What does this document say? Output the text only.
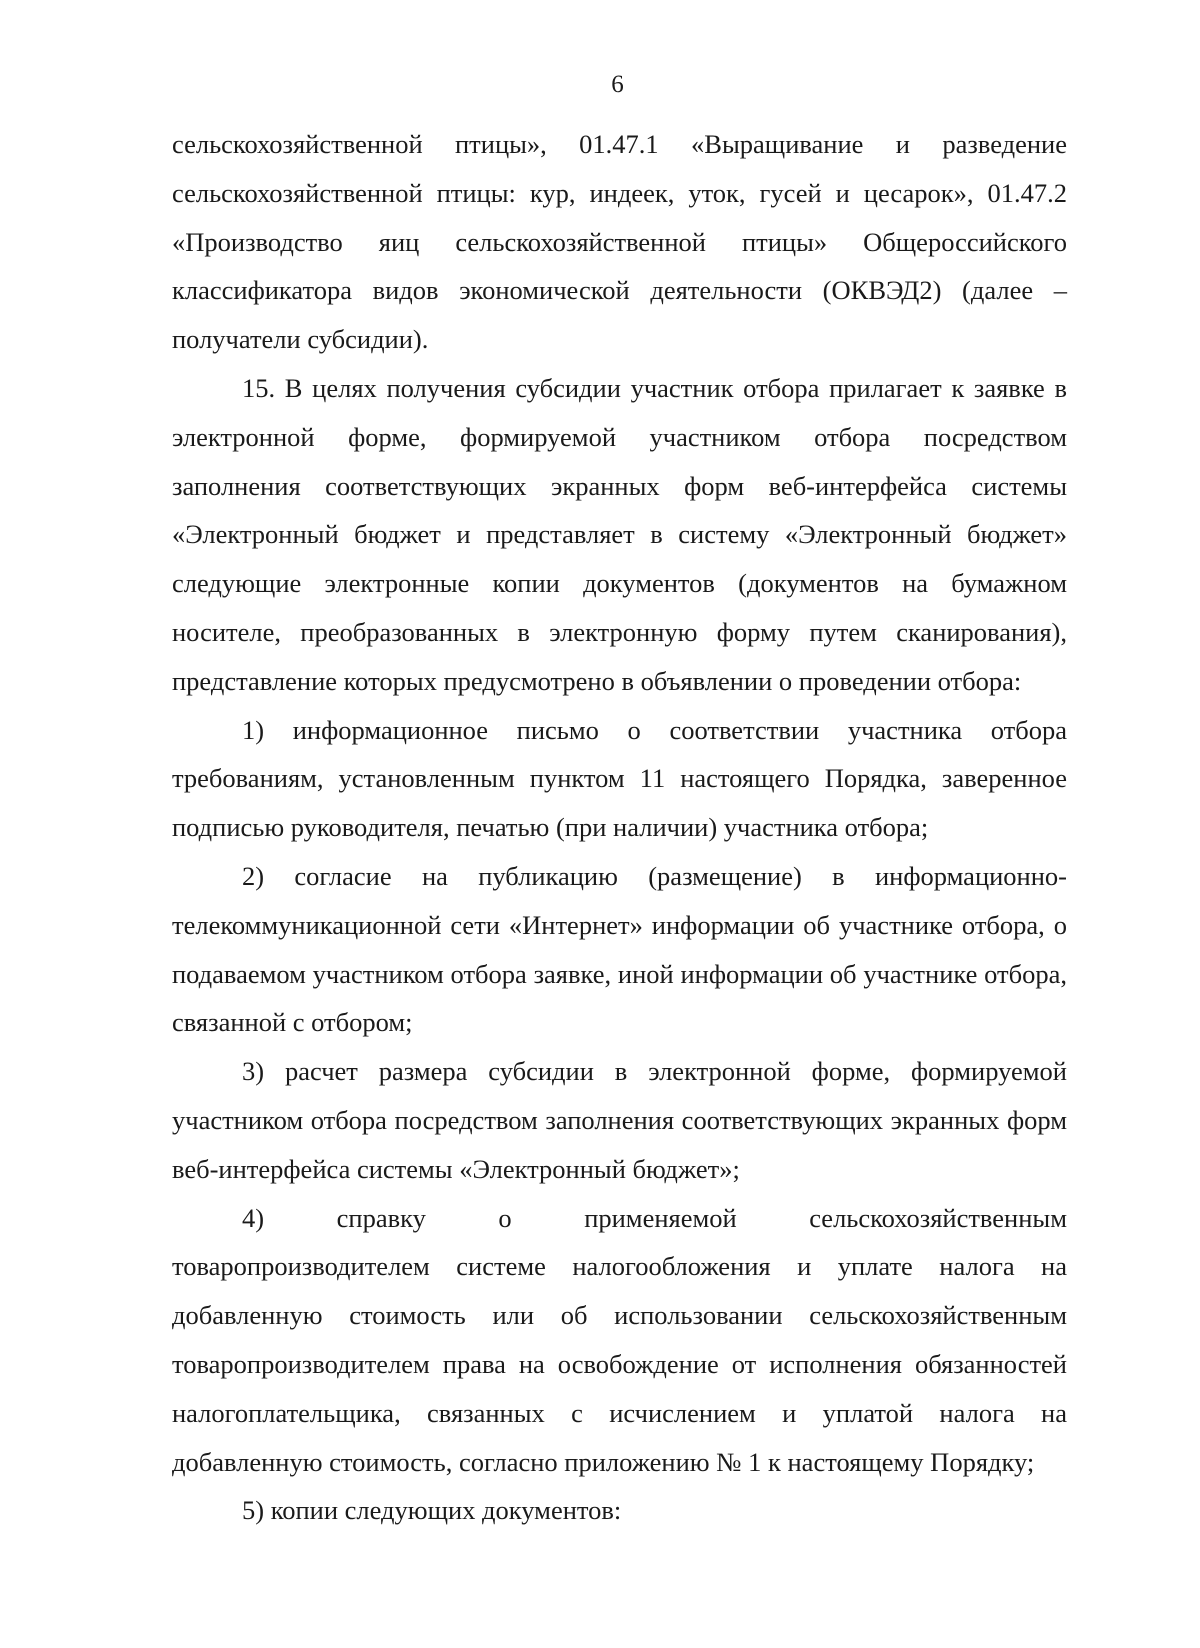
6

сельскохозяйственной птицы», 01.47.1 «Выращивание и разведение сельскохозяйственной птицы: кур, индеек, уток, гусей и цесарок», 01.47.2 «Производство яиц сельскохозяйственной птицы» Общероссийского классификатора видов экономической деятельности (ОКВЭД2) (далее – получатели субсидии).

15. В целях получения субсидии участник отбора прилагает к заявке в электронной форме, формируемой участником отбора посредством заполнения соответствующих экранных форм веб-интерфейса системы «Электронный бюджет и представляет в систему «Электронный бюджет» следующие электронные копии документов (документов на бумажном носителе, преобразованных в электронную форму путем сканирования), представление которых предусмотрено в объявлении о проведении отбора:

1) информационное письмо о соответствии участника отбора требованиям, установленным пунктом 11 настоящего Порядка, заверенное подписью руководителя, печатью (при наличии) участника отбора;

2) согласие на публикацию (размещение) в информационно-телекоммуникационной сети «Интернет» информации об участнике отбора, о подаваемом участником отбора заявке, иной информации об участнике отбора, связанной с отбором;

3) расчет размера субсидии в электронной форме, формируемой участником отбора посредством заполнения соответствующих экранных форм веб-интерфейса системы «Электронный бюджет»;

4) справку о применяемой сельскохозяйственным товаропроизводителем системе налогообложения и уплате налога на добавленную стоимость или об использовании сельскохозяйственным товаропроизводителем права на освобождение от исполнения обязанностей налогоплательщика, связанных с исчислением и уплатой налога на добавленную стоимость, согласно приложению № 1 к настоящему Порядку;

5) копии следующих документов:
